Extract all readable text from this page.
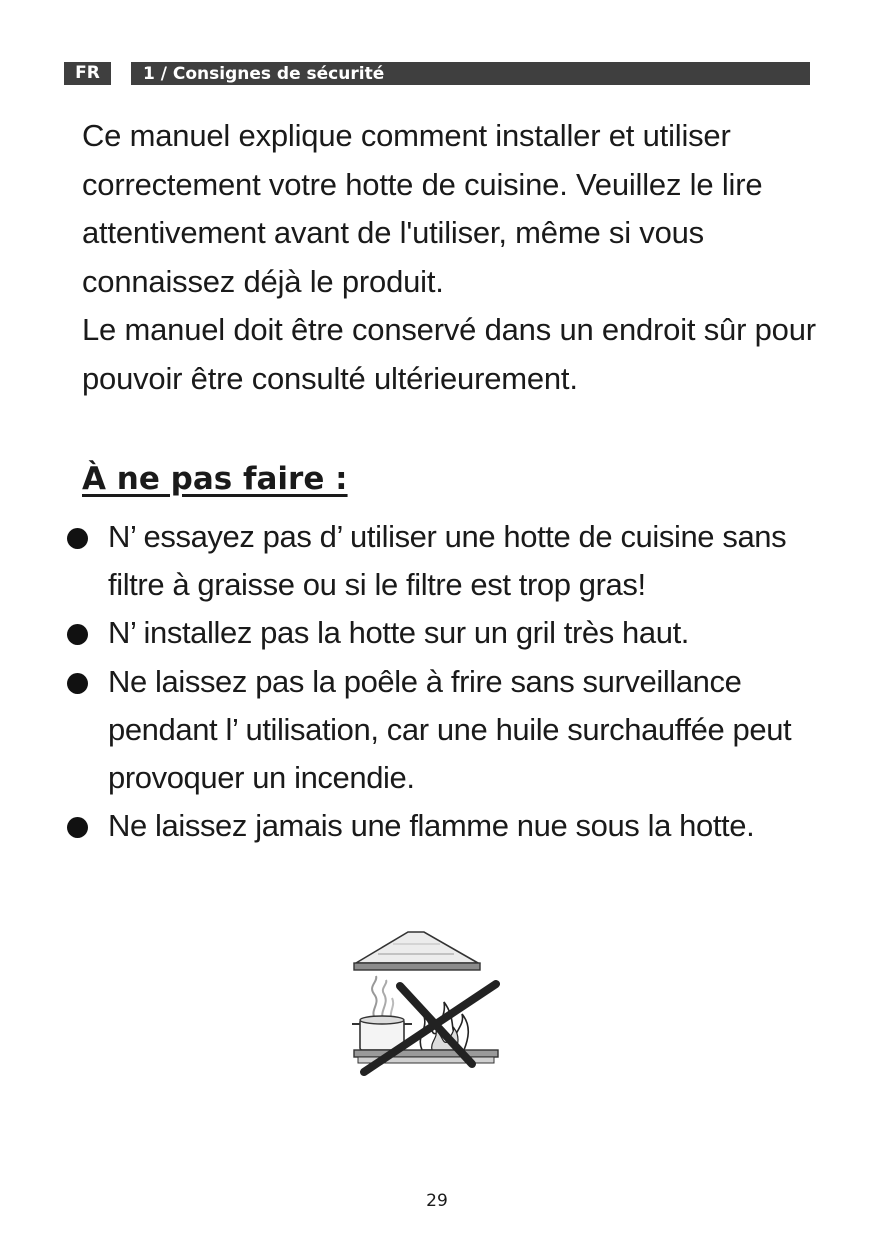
FR	1 / Consignes de sécurité

Ce manuel explique comment installer et utiliser correctement votre hotte de cuisine. Veuillez le lire attentivement avant de l'utiliser, même si vous connaissez déjà le produit.

Le manuel doit être conservé dans un endroit sûr pour pouvoir être consulté ultérieurement.

À ne pas faire :
N’ essayez pas d’ utiliser une hotte de cuisine sans filtre à graisse ou si le filtre est trop gras!
N’ installez pas la hotte sur un gril très haut.
Ne laissez pas la poêle à frire sans surveillance pendant l’ utilisation, car une huile surchauffée peut provoquer un incendie.
Ne laissez jamais une flamme nue sous la hotte.
29
